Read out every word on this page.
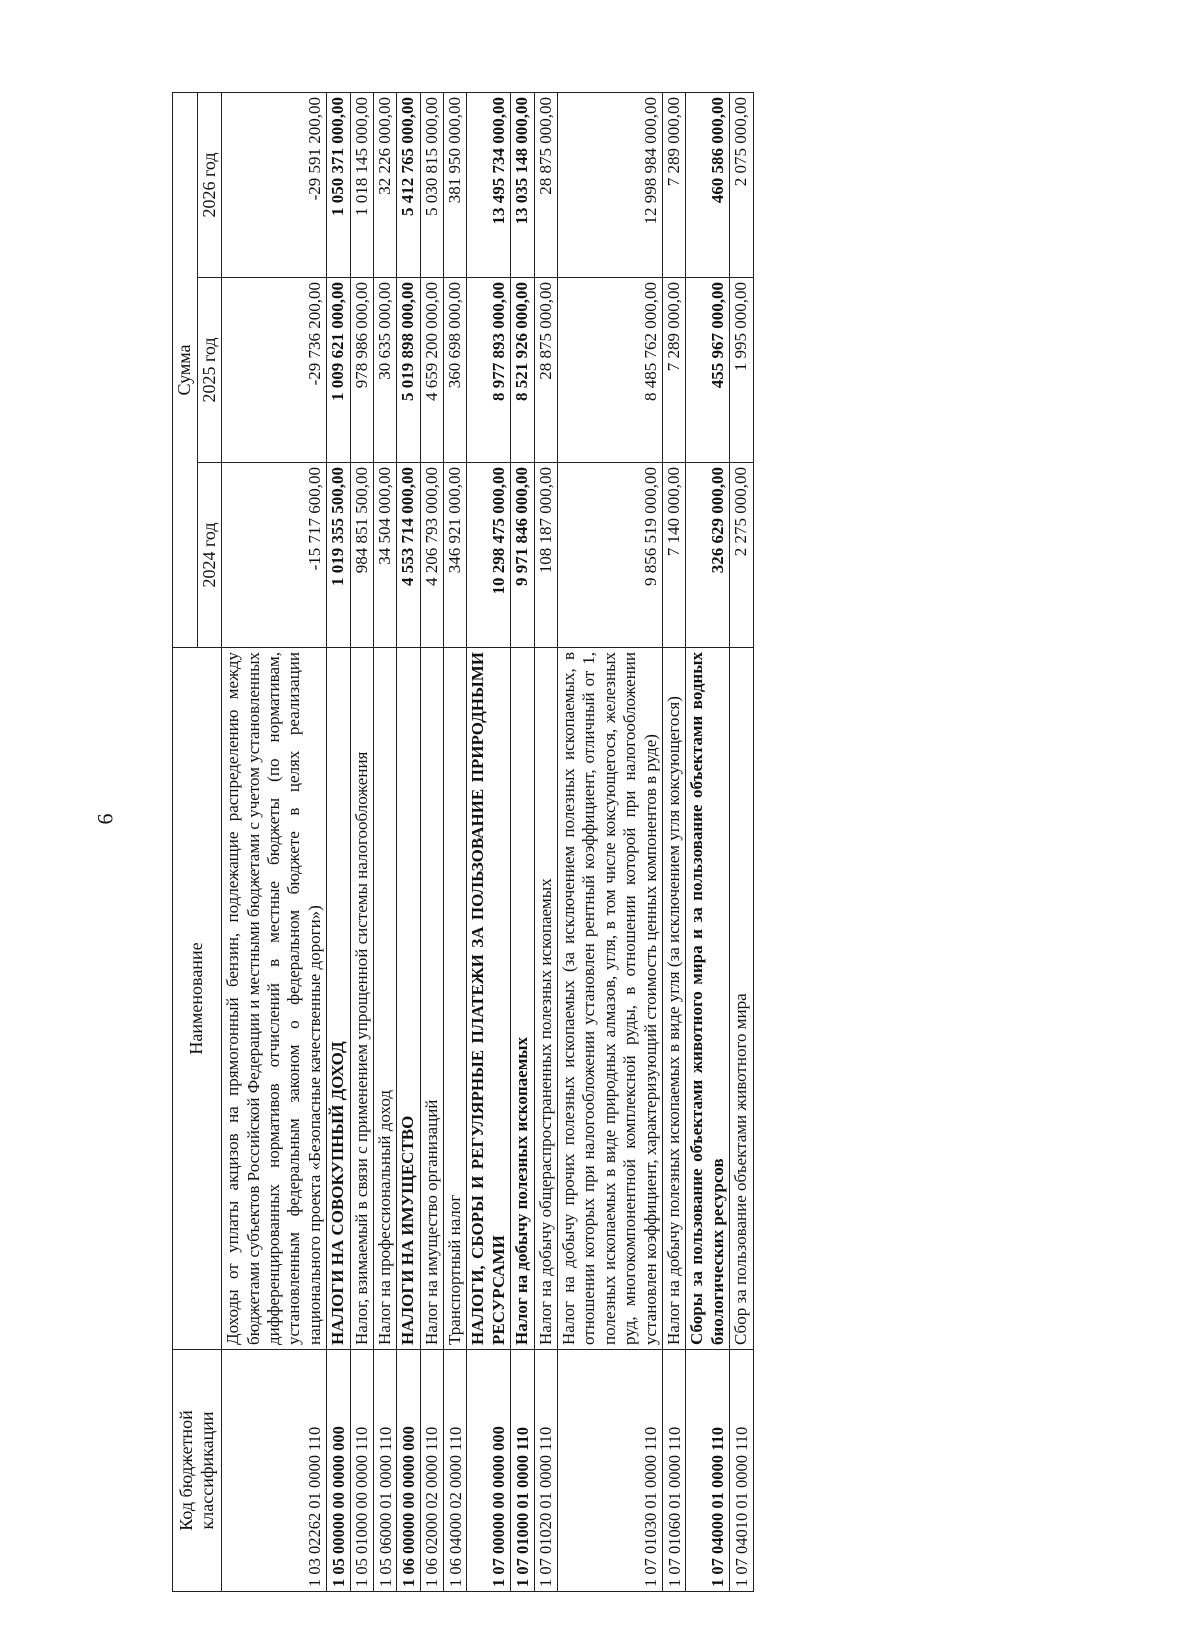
6
Код бюджетной классификации	Наименование	Сумма		
		2024 год	2025 год	2026 год
1 03 02262 01 0000 110	Доходы от уплаты акцизов на прямогонный бензин, подлежащие распределению между бюджетами субъектов Российской Федерации и местными бюджетами с учетом установленных дифференцированных нормативов отчислений в местные бюджеты (по нормативам, установленным федеральным законом о федеральном бюджете в целях реализации национального проекта «Безопасные качественные дороги»)	-15 717 600,00	-29 736 200,00	-29 591 200,00
1 05 00000 00 0000 000	НАЛОГИ НА СОВОКУПНЫЙ ДОХОД	1 019 355 500,00	1 009 621 000,00	1 050 371 000,00
1 05 01000 00 0000 110	Налог, взимаемый в связи с применением упрощенной системы налогообложения	984 851 500,00	978 986 000,00	1 018 145 000,00
1 05 06000 01 0000 110	Налог на профессиональный доход	34 504 000,00	30 635 000,00	32 226 000,00
1 06 00000 00 0000 000	НАЛОГИ НА ИМУЩЕСТВО	4 553 714 000,00	5 019 898 000,00	5 412 765 000,00
1 06 02000 02 0000 110	Налог на имущество организаций	4 206 793 000,00	4 659 200 000,00	5 030 815 000,00
1 06 04000 02 0000 110	Транспортный налог	346 921 000,00	360 698 000,00	381 950 000,00
1 07 00000 00 0000 000	НАЛОГИ, СБОРЫ И РЕГУЛЯРНЫЕ ПЛАТЕЖИ ЗА ПОЛЬЗОВАНИЕ ПРИРОДНЫМИ РЕСУРСАМИ	10 298 475 000,00	8 977 893 000,00	13 495 734 000,00
1 07 01000 01 0000 110	Налог на добычу полезных ископаемых	9 971 846 000,00	8 521 926 000,00	13 035 148 000,00
1 07 01020 01 0000 110	Налог на добычу общераспространенных полезных ископаемых	108 187 000,00	28 875 000,00	28 875 000,00
1 07 01030 01 0000 110	Налог на добычу прочих полезных ископаемых (за исключением полезных ископаемых, в отношении которых при налогообложении установлен рентный коэффициент, отличный от 1, полезных ископаемых в виде природных алмазов, угля, в том числе коксующегося, железных руд, многокомпонентной комплексной руды, в отношении которой при налогообложении установлен коэффициент, характеризующий стоимость ценных компонентов в руде)	9 856 519 000,00	8 485 762 000,00	12 998 984 000,00
1 07 01060 01 0000 110	Налог на добычу полезных ископаемых в виде угля (за исключением угля коксующегося)	7 140 000,00	7 289 000,00	7 289 000,00
1 07 04000 01 0000 110	Сборы за пользование объектами животного мира и за пользование объектами водных биологических ресурсов	326 629 000,00	455 967 000,00	460 586 000,00
1 07 04010 01 0000 110	Сбор за пользование объектами животного мира	2 275 000,00	1 995 000,00	2 075 000,00
